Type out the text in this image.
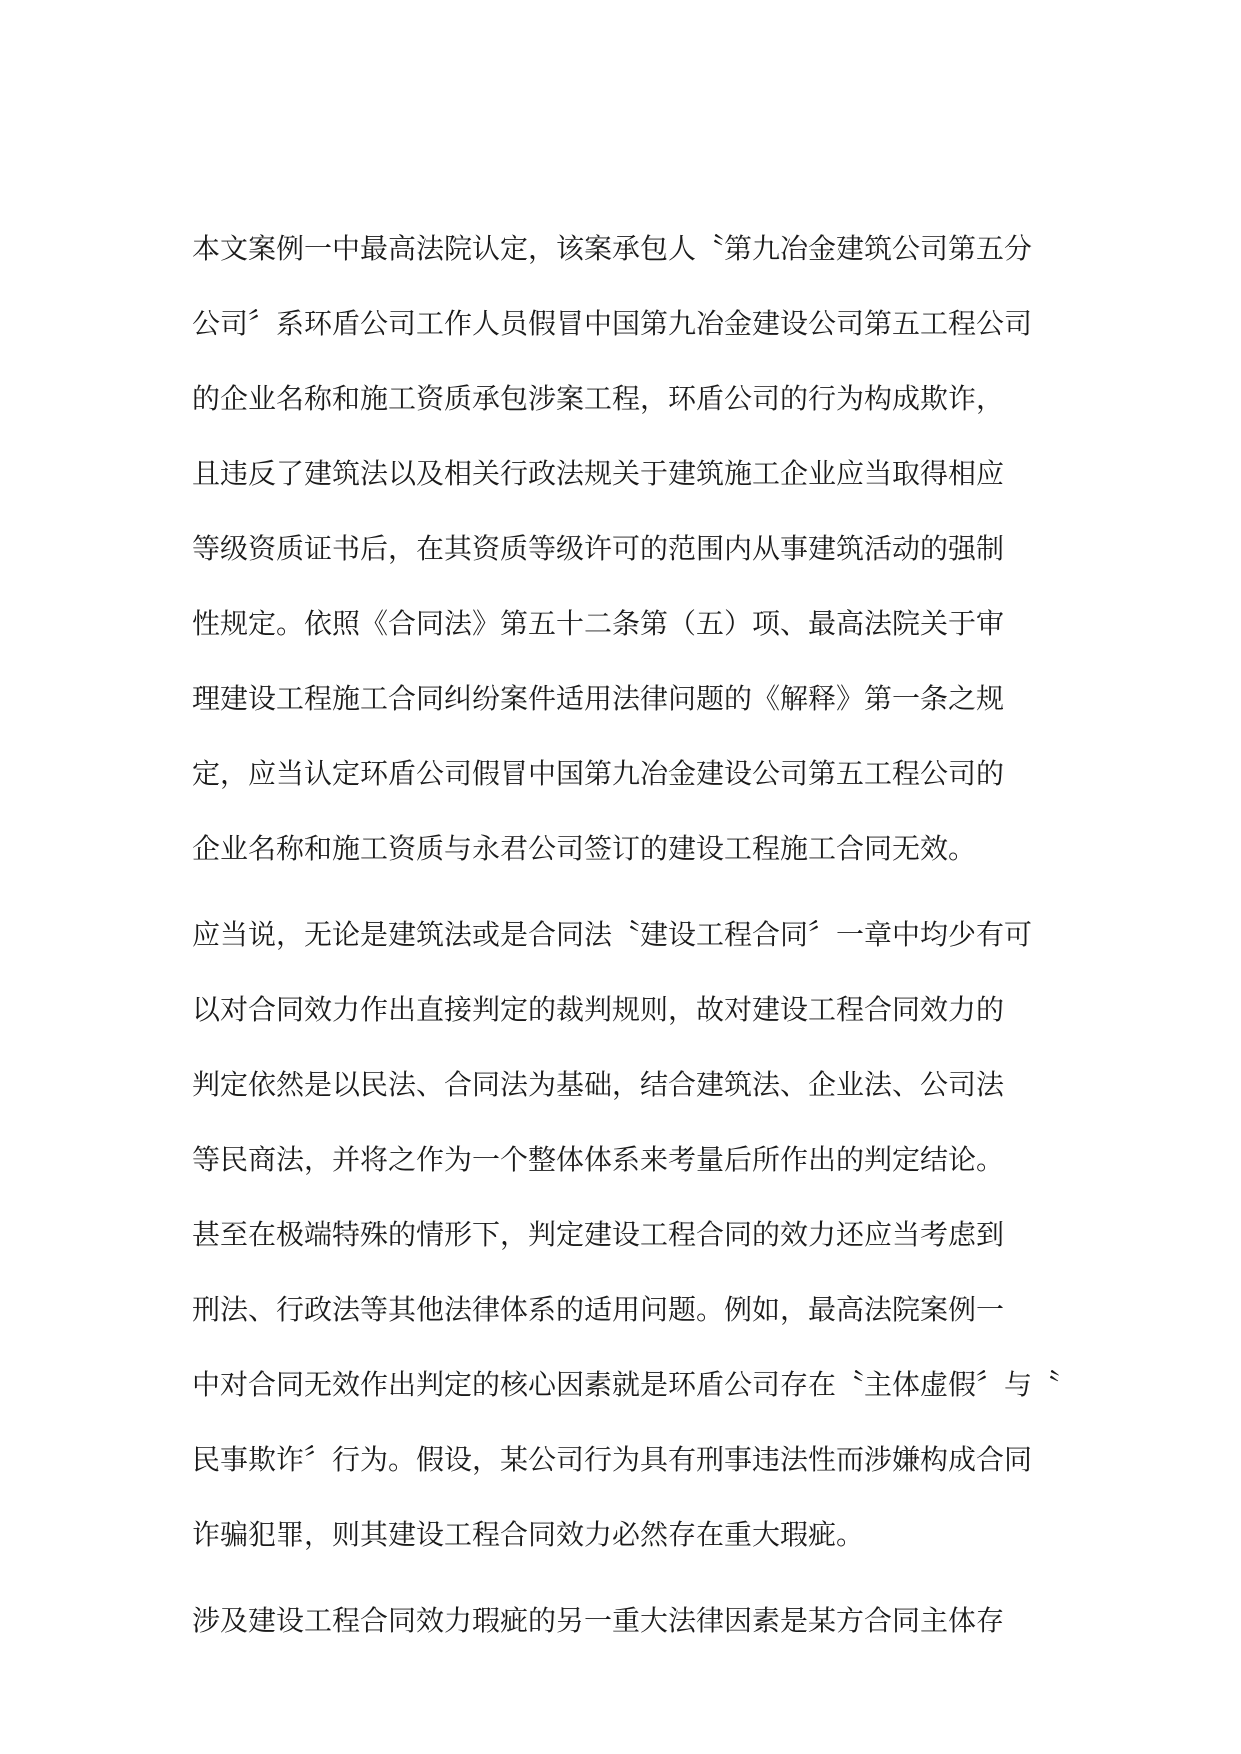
本文案例一中最高法院认定，该案承包人〝第九冶金建筑公司第五分
公司〞系环盾公司工作人员假冒中国第九冶金建设公司第五工程公司
的企业名称和施工资质承包涉案工程，环盾公司的行为构成欺诈，
且违反了建筑法以及相关行政法规关于建筑施工企业应当取得相应
等级资质证书后，在其资质等级许可的范围内从事建筑活动的强制
性规定。依照《合同法》第五十二条第（五）项、最高法院关于审
理建设工程施工合同纠纷案件适用法律问题的《解释》第一条之规
定，应当认定环盾公司假冒中国第九冶金建设公司第五工程公司的
企业名称和施工资质与永君公司签订的建设工程施工合同无效。
应当说，无论是建筑法或是合同法〝建设工程合同〞一章中均少有可
以对合同效力作出直接判定的裁判规则，故对建设工程合同效力的
判定依然是以民法、合同法为基础，结合建筑法、企业法、公司法
等民商法，并将之作为一个整体体系来考量后所作出的判定结论。
甚至在极端特殊的情形下，判定建设工程合同的效力还应当考虑到
刑法、行政法等其他法律体系的适用问题。例如，最高法院案例一
中对合同无效作出判定的核心因素就是环盾公司存在〝主体虚假〞与〝
民事欺诈〞行为。假设，某公司行为具有刑事违法性而涉嫌构成合同
诈骗犯罪，则其建设工程合同效力必然存在重大瑕疵。
涉及建设工程合同效力瑕疵的另一重大法律因素是某方合同主体存
